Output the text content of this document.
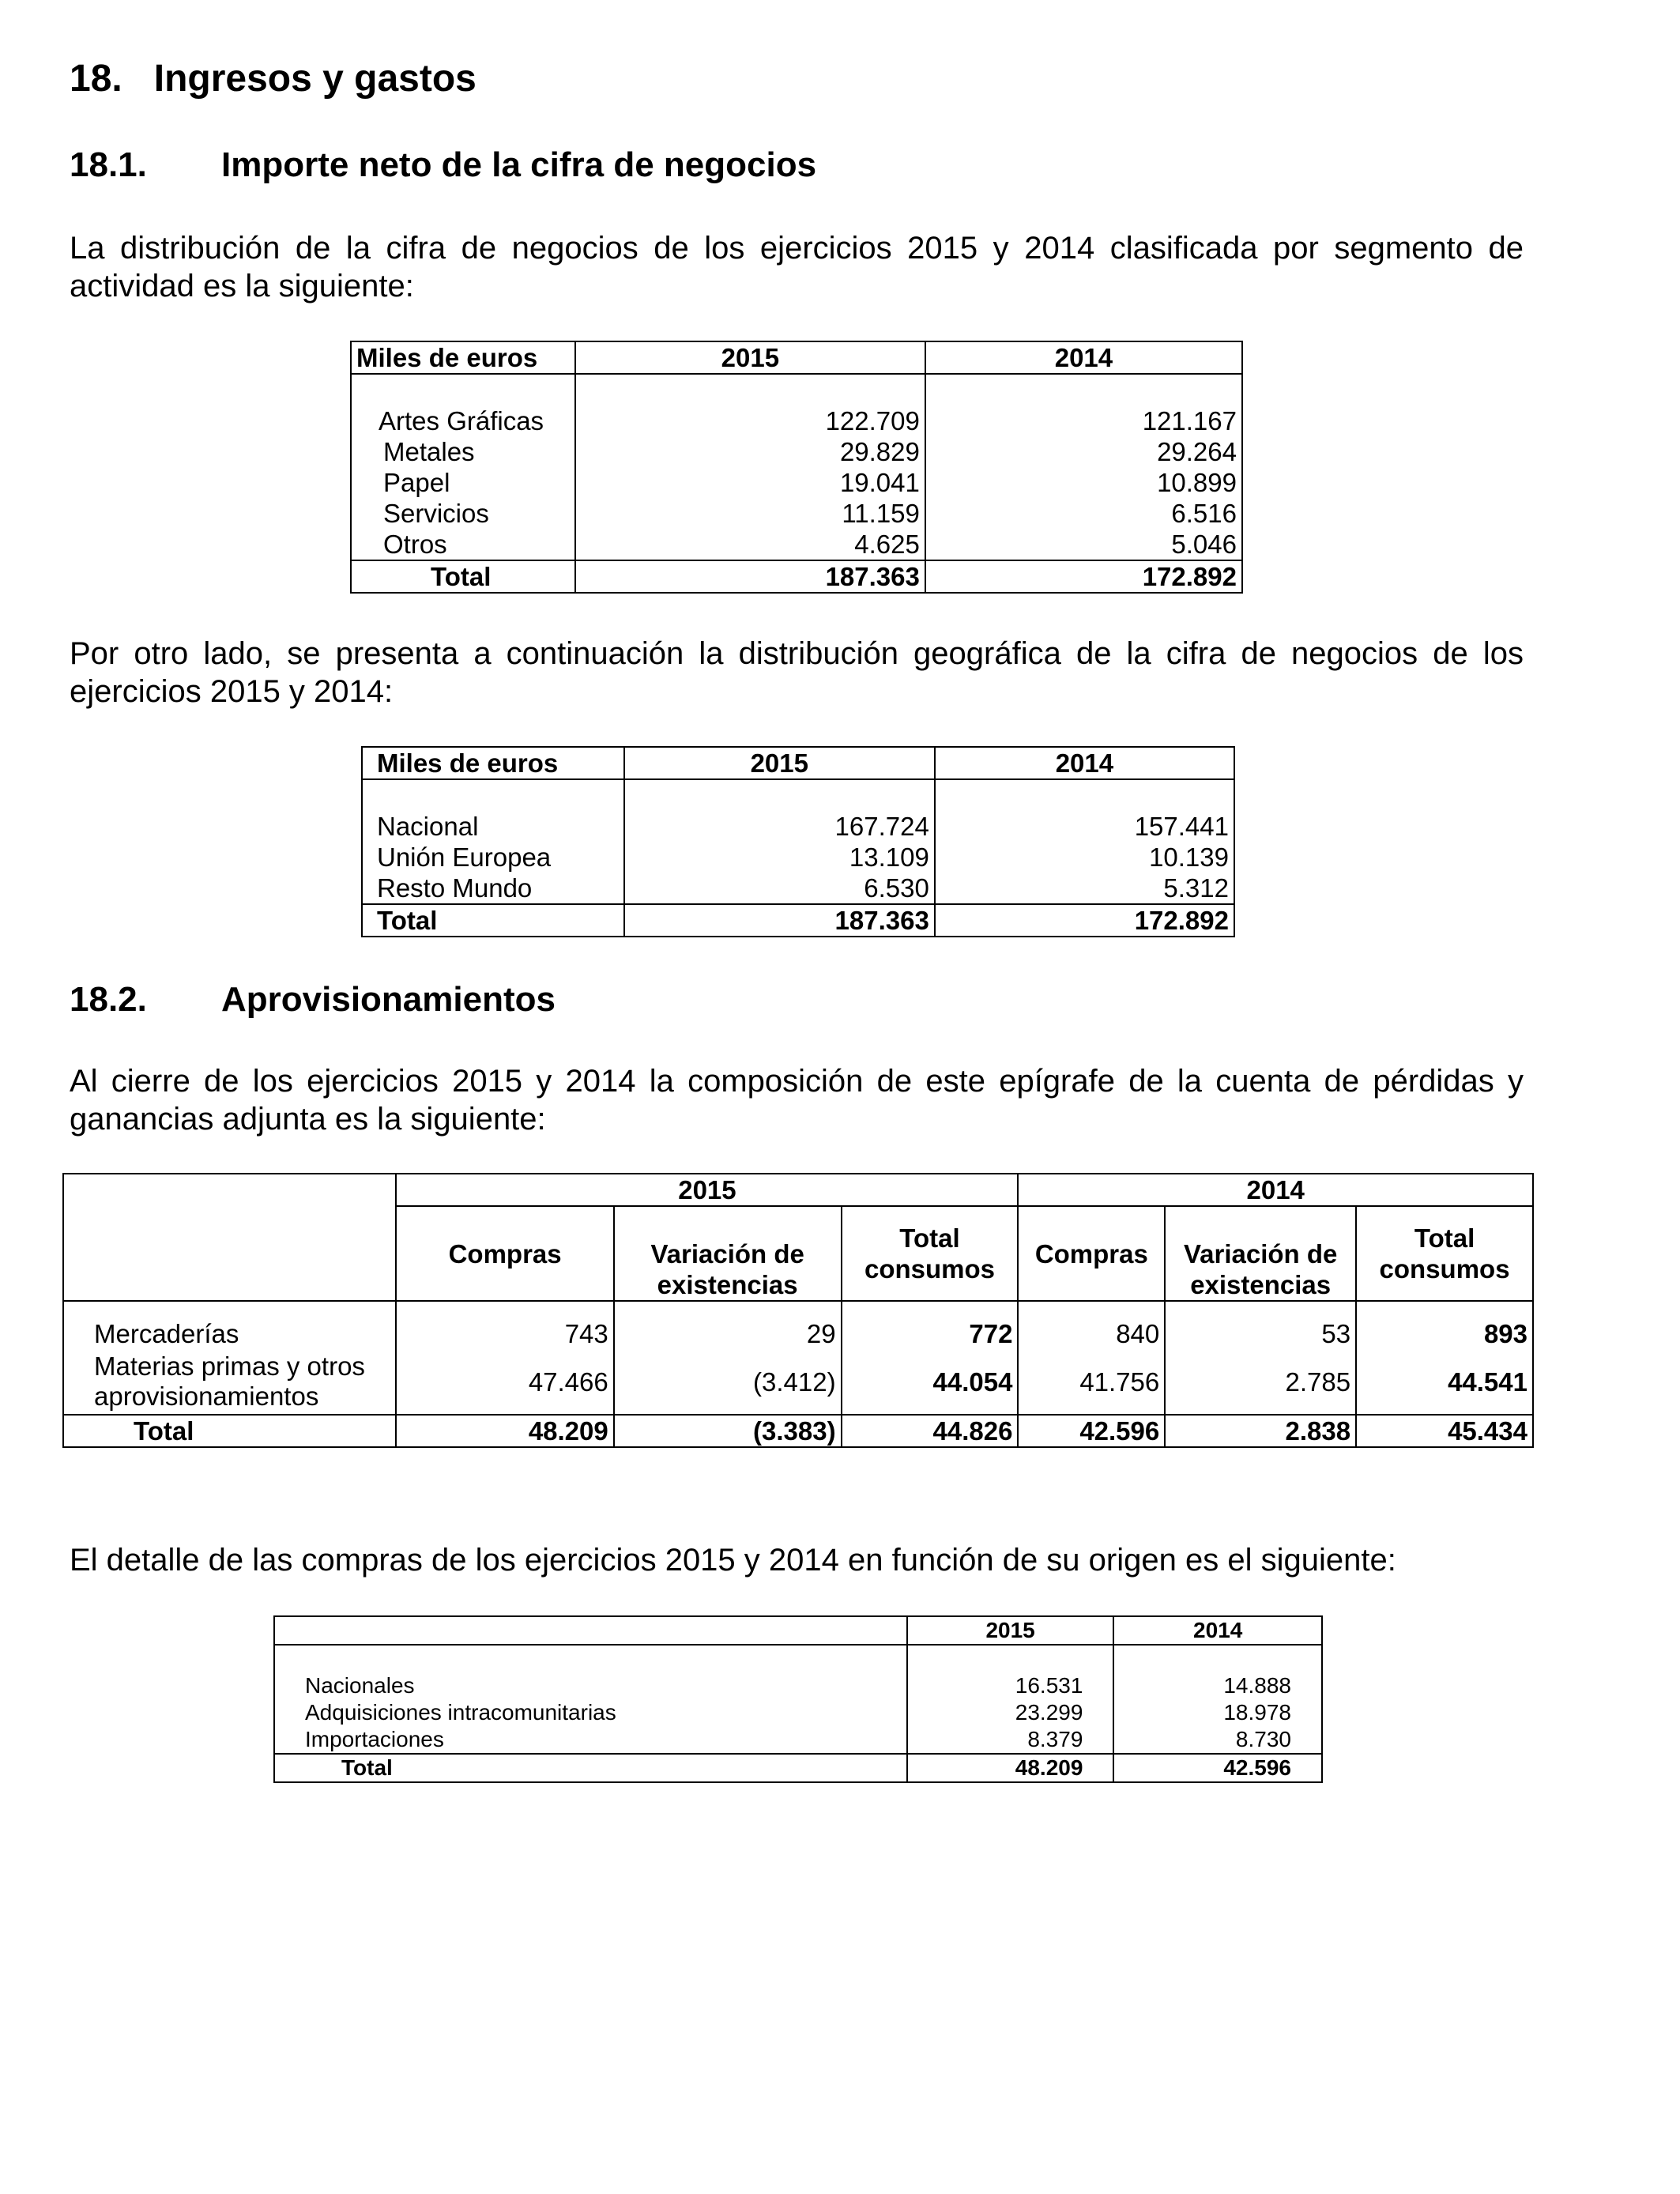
18.   Ingresos y gastos
18.1. Importe neto de la cifra de negocios

La distribución de la cifra de negocios de los ejercicios 2015 y 2014 clasificada por segmento de actividad es la siguiente:

Miles de euros	2015	2014

Artes Gráficas	122.709	121.167
Metales	29.829	29.264
Papel	19.041	10.899
Servicios	11.159	6.516
Otros	4.625	5.046
Total	187.363	172.892

Por otro lado, se presenta a continuación la distribución geográfica de la cifra de negocios de los ejercicios 2015 y 2014:

Miles de euros	2015	2014

Nacional	167.724	157.441
Unión Europea	13.109	10.139
Resto Mundo	6.530	5.312
Total	187.363	172.892
18.2. Aprovisionamientos

Al cierre de los ejercicios 2015 y 2014 la composición de este epígrafe de la cuenta de pérdidas y ganancias adjunta es la siguiente:

	2015			2014		
	Compras	Variación de existencias	Total consumos	Compras	Variación de existencias	Total consumos

Mercaderías	743	29	772	840	53	893
Materias primas y otros aprovisionamientos	47.466	(3.412)	44.054	41.756	2.785	44.541
Total	48.209	(3.383)	44.826	42.596	2.838	45.434

El detalle de las compras de los ejercicios 2015 y 2014 en función de su origen es el siguiente:

	2015	2014

Nacionales	16.531	14.888
Adquisiciones intracomunitarias	23.299	18.978
Importaciones	8.379	8.730
Total	48.209	42.596
